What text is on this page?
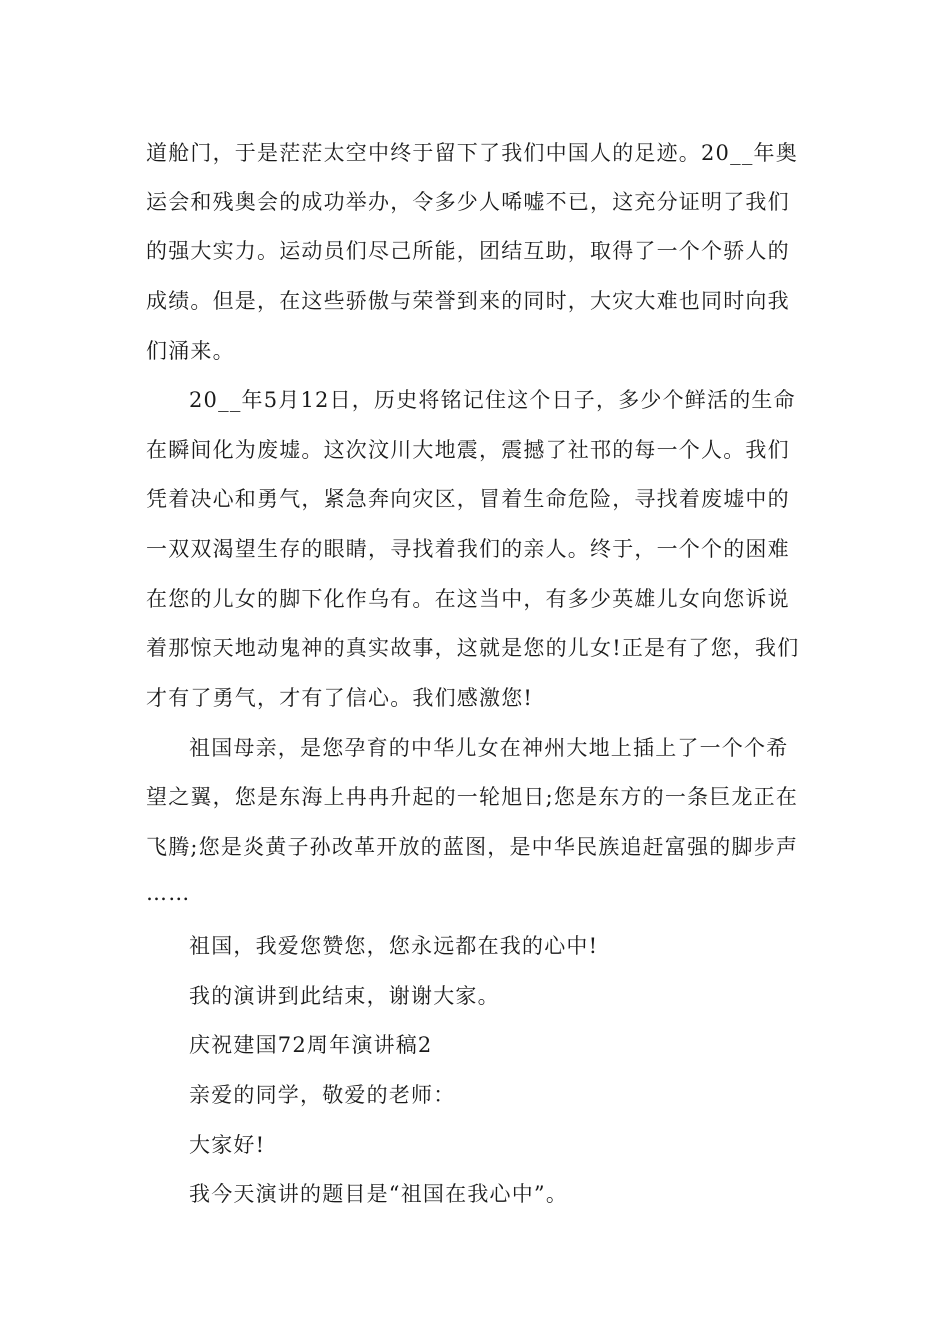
道舱门，于是茫茫太空中终于留下了我们中国人的足迹。20__年奥
运会和残奥会的成功举办，令多少人唏嘘不已，这充分证明了我们
的强大实力。运动员们尽己所能，团结互助，取得了一个个骄人的
成绩。但是，在这些骄傲与荣誉到来的同时，大灾大难也同时向我
们涌来。
20__年5月12日，历史将铭记住这个日子，多少个鲜活的生命
在瞬间化为废墟。这次汶川大地震，震撼了社邗的每一个人。我们
凭着决心和勇气，紧急奔向灾区，冒着生命危险，寻找着废墟中的
一双双渴望生存的眼睛，寻找着我们的亲人。终于，一个个的困难
在您的儿女的脚下化作乌有。在这当中，有多少英雄儿女向您诉说
着那惊天地动鬼神的真实故事，这就是您的儿女!正是有了您，我们
才有了勇气，才有了信心。我们感激您!
祖国母亲，是您孕育的中华儿女在神州大地上插上了一个个希
望之翼，您是东海上冉冉升起的一轮旭日;您是东方的一条巨龙正在
飞腾;您是炎黄子孙改革开放的蓝图，是中华民族追赶富强的脚步声
……
祖国，我爱您赞您，您永远都在我的心中!
我的演讲到此结束，谢谢大家。
庆祝建国72周年演讲稿2
亲爱的同学，敬爱的老师：
大家好!
我今天演讲的题目是“祖国在我心中”。
